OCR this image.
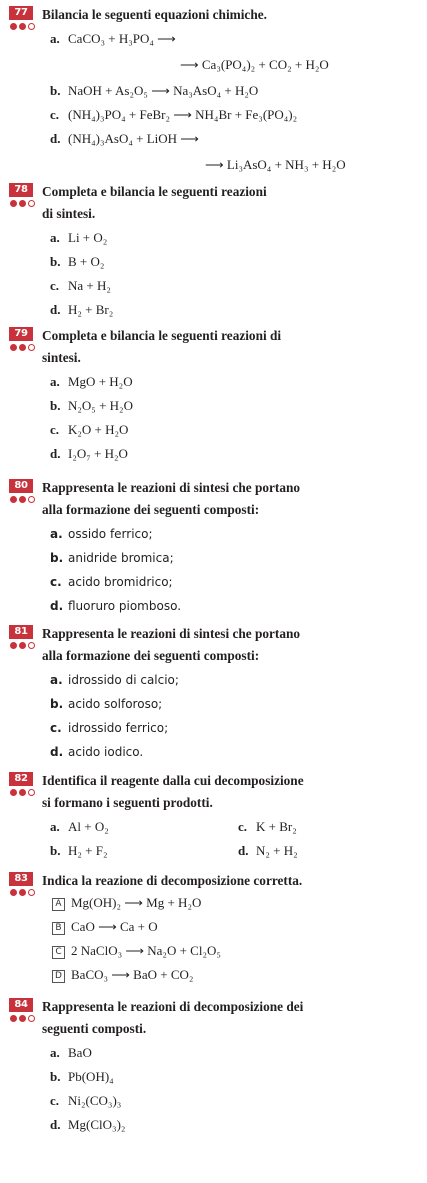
77	Bilancia le seguenti equazioni chimiche.
a. CaCO₃ + H₃PO₄ ⟶
⟶ Ca₃(PO₄)₂ + CO₂ + H₂O
b. NaOH + As₂O₅ ⟶ Na₃AsO₄ + H₂O
c. (NH₄)₃PO₄ + FeBr₂ ⟶ NH₄Br + Fe₃(PO₄)₂
d. (NH₄)₃AsO₄ + LiOH ⟶
⟶ Li₃AsO₄ + NH₃ + H₂O
78	Completa e bilancia le seguenti reazioni
di sintesi.
a. Li + O₂
b. B + O₂
c. Na + H₂
d. H₂ + Br₂
79	Completa e bilancia le seguenti reazioni di
sintesi.
a. MgO + H₂O
b. N₂O₅ + H₂O
c. K₂O + H₂O
d. I₂O₇ + H₂O
80	Rappresenta le reazioni di sintesi che portano
alla formazione dei seguenti composti:
a. ossido ferrico;
b. anidride bromica;
c. acido bromidrico;
d. fluoruro piomboso.
81	Rappresenta le reazioni di sintesi che portano
alla formazione dei seguenti composti:
a. idrossido di calcio;
b. acido solforoso;
c. idrossido ferrico;
d. acido iodico.
82	Identifica il reagente dalla cui decomposizione
si formano i seguenti prodotti.
a. Al + O₂	c. K + Br₂
b. H₂ + F₂	d. N₂ + H₂
83	Indica la reazione di decomposizione corretta.
A Mg(OH)₂ ⟶ Mg + H₂O
B CaO ⟶ Ca + O
C 2 NaClO₃ ⟶ Na₂O + Cl₂O₅
D BaCO₃ ⟶ BaO + CO₂
84	Rappresenta le reazioni di decomposizione dei
seguenti composti.
a. BaO
b. Pb(OH)₄
c. Ni₂(CO₃)₃
d. Mg(ClO₃)₂
